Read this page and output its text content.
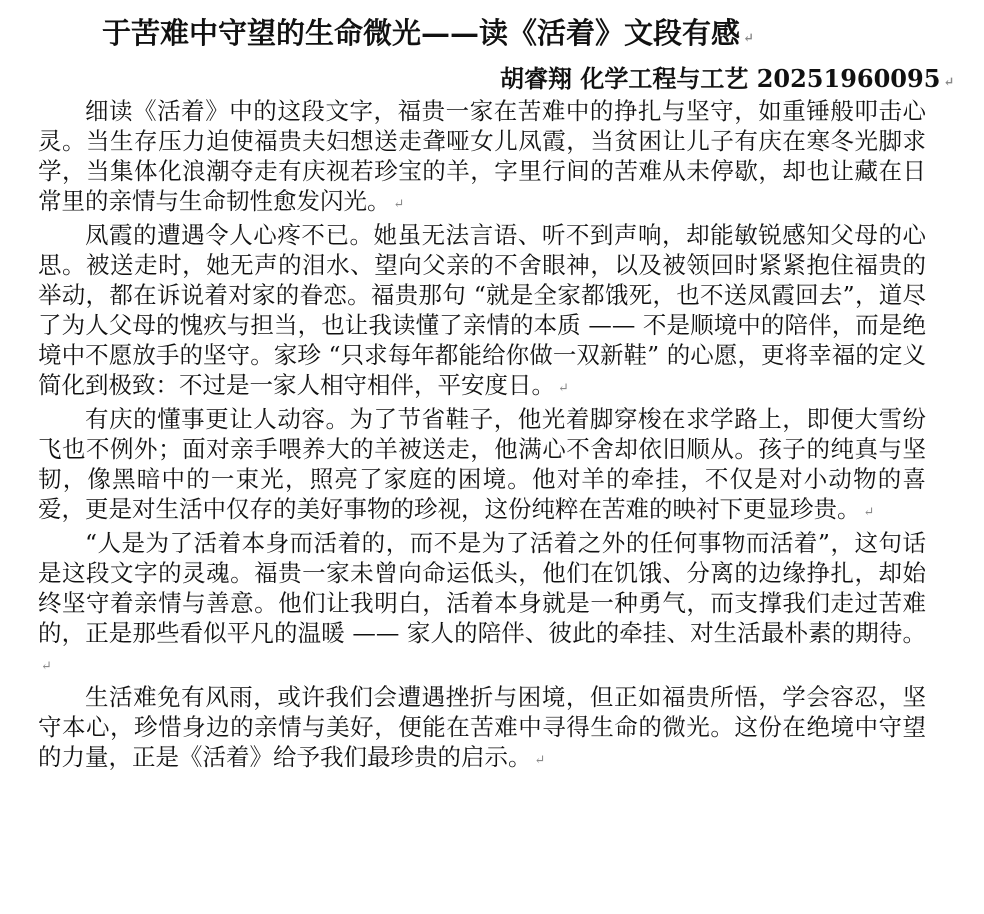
于苦难中守望的生命微光——读《活着》文段有感 ↵
胡睿翔 化学工程与工艺 20251960095 ↵

细读《活着》中的这段文字，福贵一家在苦难中的挣扎与坚守，如重锤般叩击心灵。当生存压力迫使福贵夫妇想送走聋哑女儿凤霞，当贫困让儿子有庆在寒冬光脚求学，当集体化浪潮夺走有庆视若珍宝的羊，字里行间的苦难从未停歇，却也让藏在日常里的亲情与生命韧性愈发闪光。 ↵

凤霞的遭遇令人心疼不已。她虽无法言语、听不到声响，却能敏锐感知父母的心思。被送走时，她无声的泪水、望向父亲的不舍眼神，以及被领回时紧紧抱住福贵的举动，都在诉说着对家的眷恋。福贵那句 “就是全家都饿死，也不送凤霞回去”，道尽了为人父母的愧疚与担当，也让我读懂了亲情的本质 —— 不是顺境中的陪伴，而是绝境中不愿放手的坚守。家珍 “只求每年都能给你做一双新鞋” 的心愿，更将幸福的定义简化到极致：不过是一家人相守相伴，平安度日。 ↵

有庆的懂事更让人动容。为了节省鞋子，他光着脚穿梭在求学路上，即便大雪纷飞也不例外；面对亲手喂养大的羊被送走，他满心不舍却依旧顺从。孩子的纯真与坚韧，像黑暗中的一束光，照亮了家庭的困境。他对羊的牵挂，不仅是对小动物的喜爱，更是对生活中仅存的美好事物的珍视，这份纯粹在苦难的映衬下更显珍贵。 ↵

“人是为了活着本身而活着的，而不是为了活着之外的任何事物而活着”，这句话是这段文字的灵魂。福贵一家未曾向命运低头，他们在饥饿、分离的边缘挣扎，却始终坚守着亲情与善意。他们让我明白，活着本身就是一种勇气，而支撑我们走过苦难的，正是那些看似平凡的温暖 —— 家人的陪伴、彼此的牵挂、对生活最朴素的期待。↵

生活难免有风雨，或许我们会遭遇挫折与困境，但正如福贵所悟，学会容忍，坚守本心，珍惜身边的亲情与美好，便能在苦难中寻得生命的微光。这份在绝境中守望的力量，正是《活着》给予我们最珍贵的启示。 ↵
